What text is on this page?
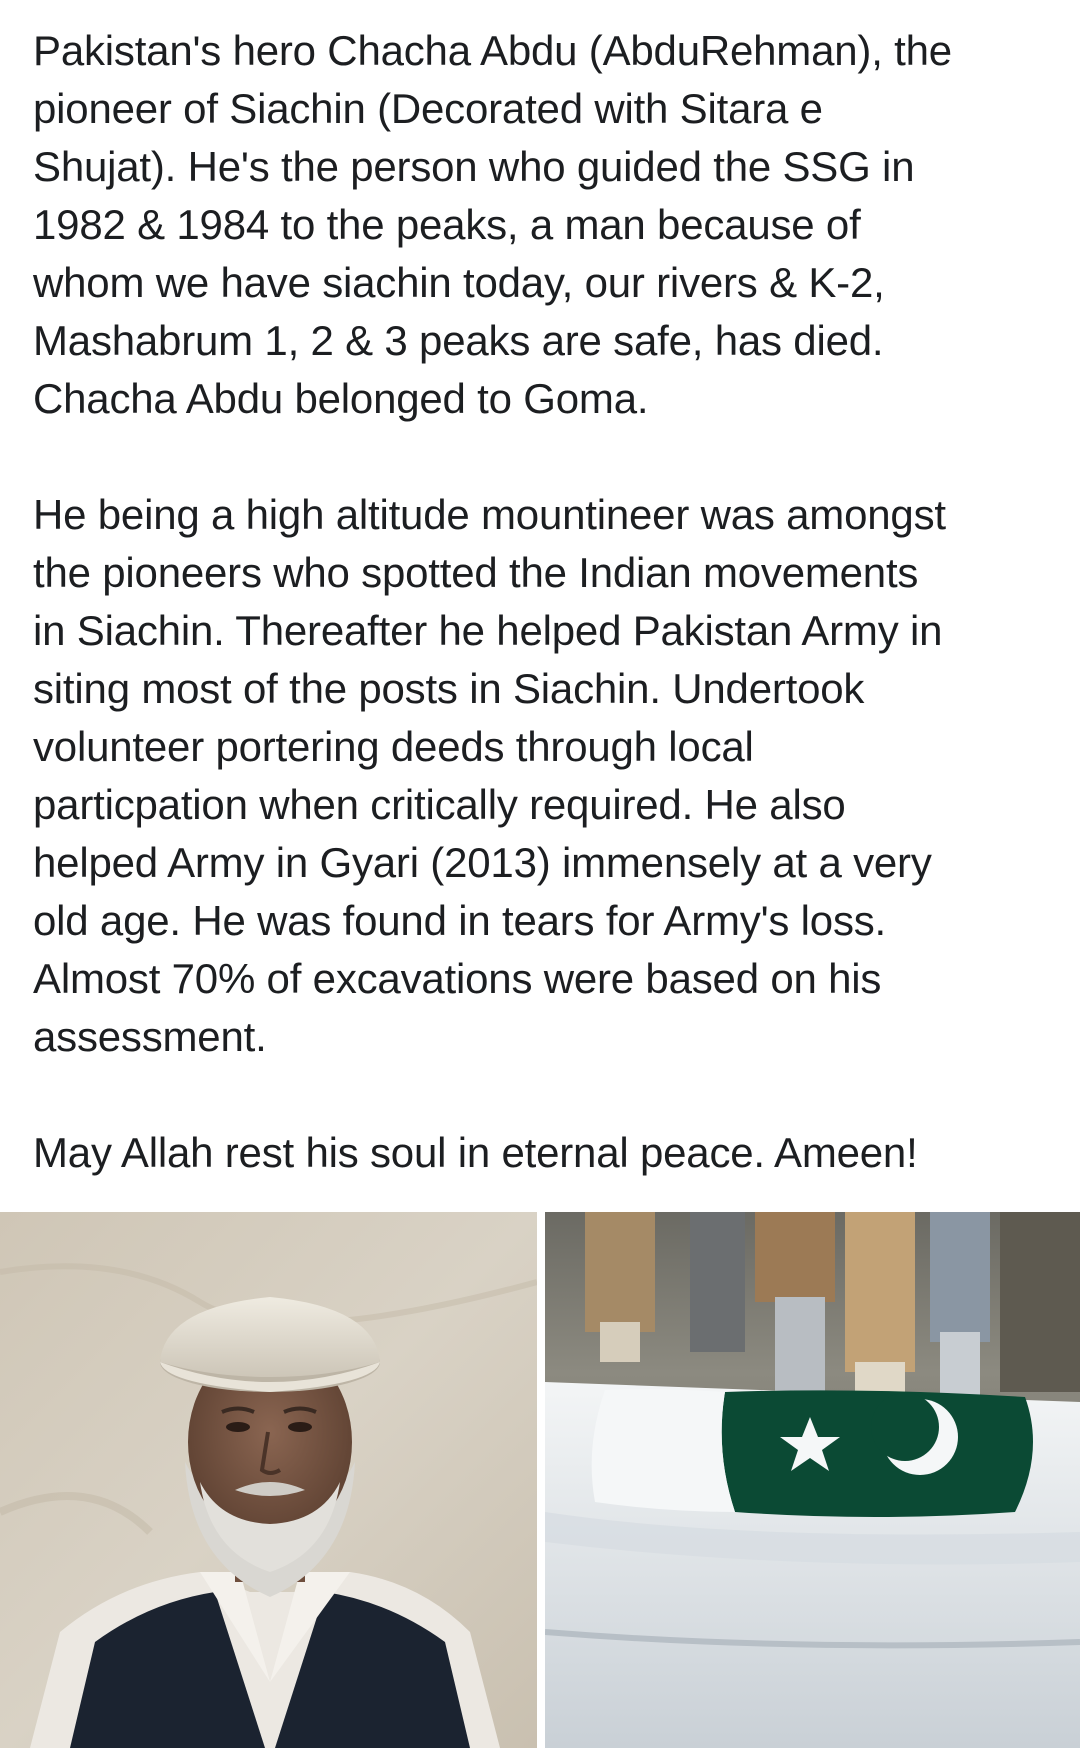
Pakistan's hero Chacha Abdu (AbduRehman), the
pioneer of Siachin (Decorated with Sitara e
Shujat). He's the person who guided the SSG in
1982 & 1984 to the peaks, a man because of
whom we have siachin today, our rivers & K-2,
Mashabrum 1, 2 & 3 peaks are safe, has died.
Chacha Abdu belonged to Goma.

He being a high altitude mountineer was amongst
the pioneers who spotted the Indian movements
in Siachin. Thereafter he helped Pakistan Army in
siting most of the posts in Siachin. Undertook
volunteer portering deeds through local
particpation when critically required. He also
helped Army in Gyari (2013) immensely at a very
old age. He was found in tears for Army's loss.
Almost 70% of excavations were based on his
assessment.

May Allah rest his soul in eternal peace. Ameen!
